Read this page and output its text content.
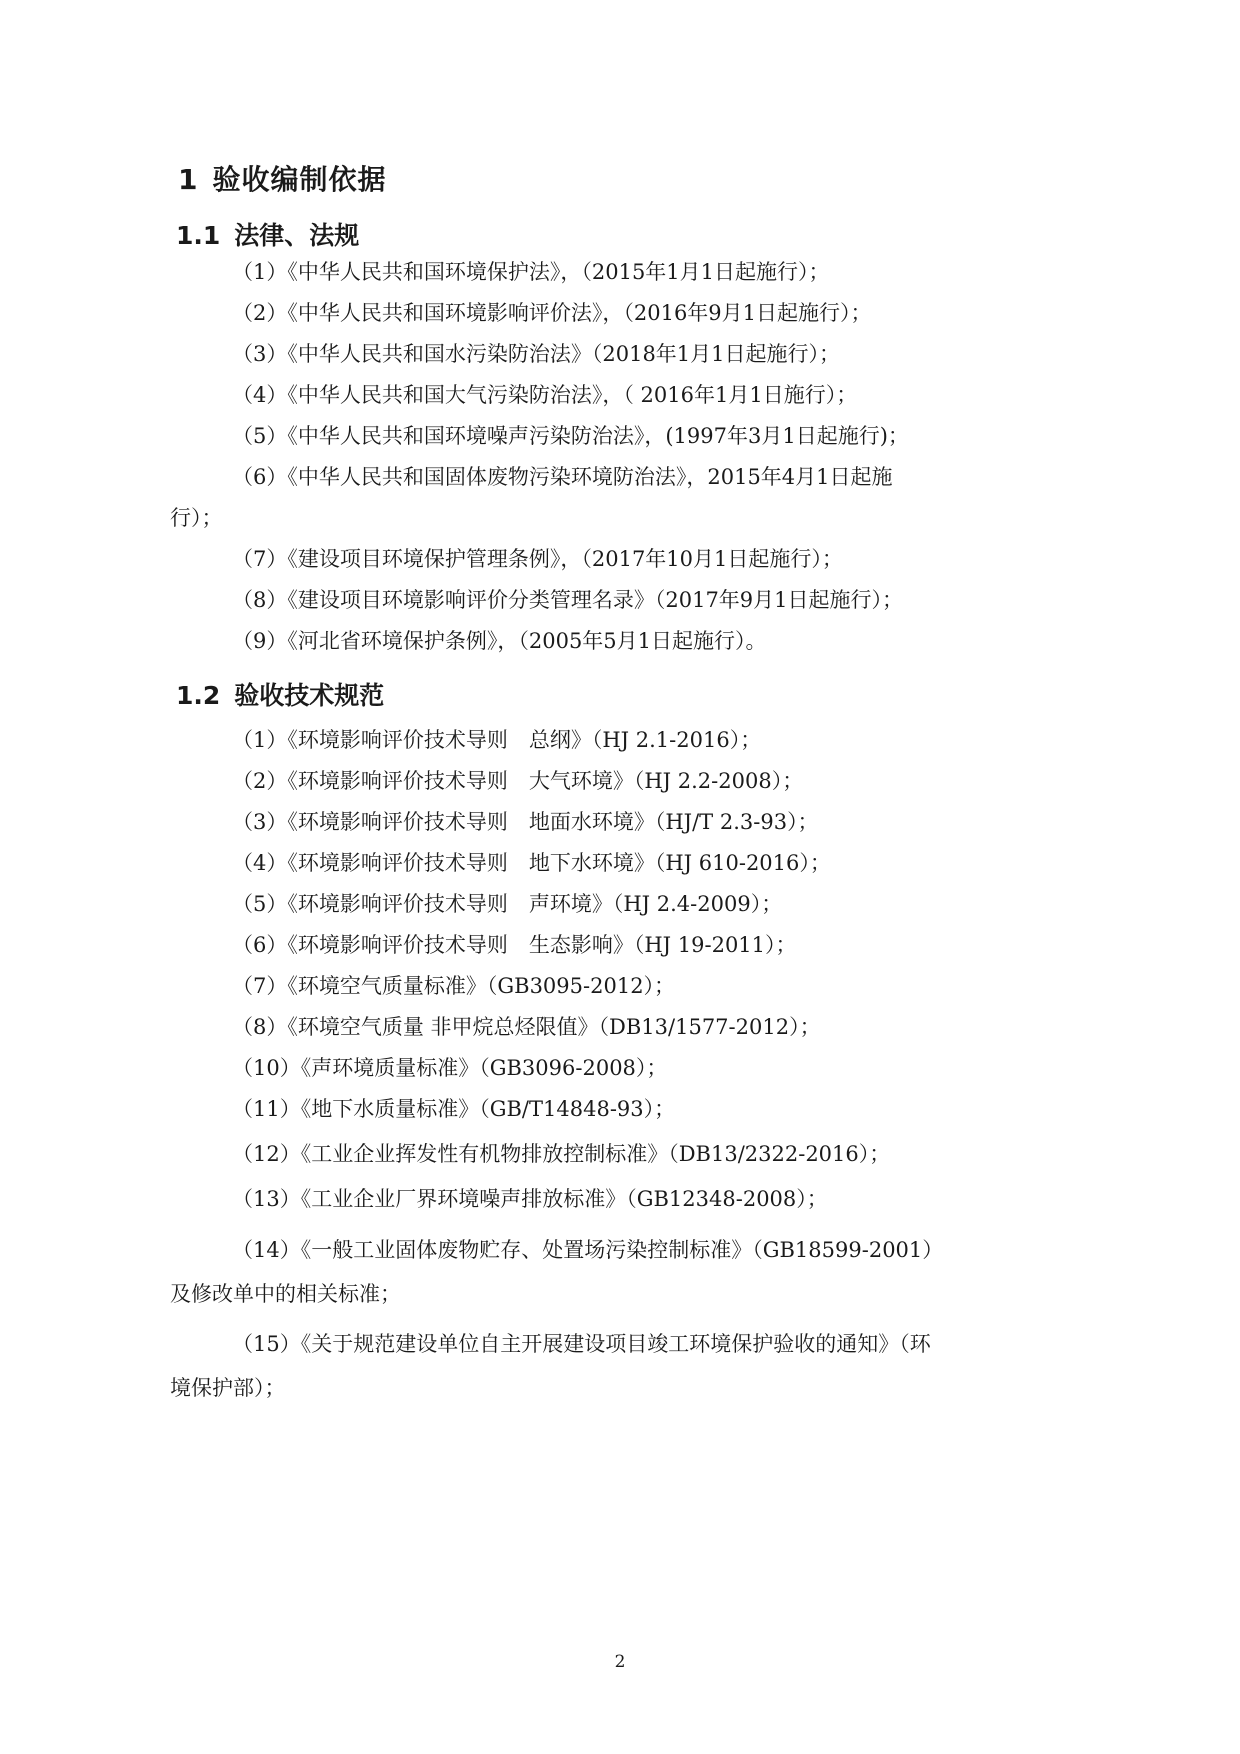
1 验收编制依据
1.1 法律、法规
（1）《中华人民共和国环境保护法》，（2015年1月1日起施行）；
（2）《中华人民共和国环境影响评价法》，（2016年9月1日起施行）；
（3）《中华人民共和国水污染防治法》（2018年1月1日起施行）；
（4）《中华人民共和国大气污染防治法》，（ 2016年1月1日施行）；
（5）《中华人民共和国环境噪声污染防治法》，(1997年3月1日起施行)；
（6）《中华人民共和国固体废物污染环境防治法》，2015年4月1日起施
行）；
（7）《建设项目环境保护管理条例》，（2017年10月1日起施行）；
（8）《建设项目环境影响评价分类管理名录》（2017年9月1日起施行）；
（9）《河北省环境保护条例》，（2005年5月1日起施行）。
1.2 验收技术规范
（1）《环境影响评价技术导则　总纲》（HJ 2.1-2016）；
（2）《环境影响评价技术导则　大气环境》（HJ 2.2-2008）；
（3）《环境影响评价技术导则　地面水环境》（HJ/T 2.3-93）；
（4）《环境影响评价技术导则　地下水环境》（HJ 610-2016）；
（5）《环境影响评价技术导则　声环境》（HJ 2.4-2009）；
（6）《环境影响评价技术导则　生态影响》（HJ 19-2011）；
（7）《环境空气质量标准》（GB3095-2012）；
（8）《环境空气质量 非甲烷总烃限值》（DB13/1577-2012）；
（10）《声环境质量标准》（GB3096-2008）；
（11）《地下水质量标准》（GB/T14848-93）；
（12）《工业企业挥发性有机物排放控制标准》（DB13/2322-2016）；
（13）《工业企业厂界环境噪声排放标准》（GB12348-2008）；
（14）《一般工业固体废物贮存、处置场污染控制标准》（GB18599-2001）
及修改单中的相关标准；
（15）《关于规范建设单位自主开展建设项目竣工环境保护验收的通知》（环
境保护部）；
2
